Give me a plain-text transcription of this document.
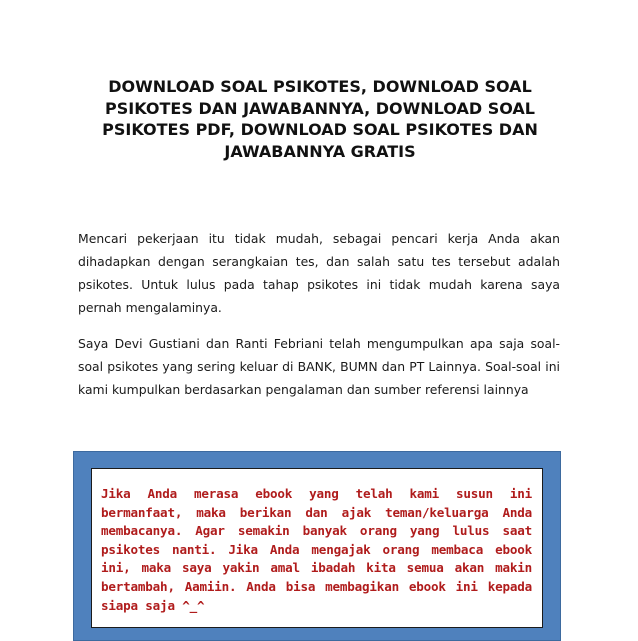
DOWNLOAD SOAL PSIKOTES, DOWNLOAD SOAL PSIKOTES DAN JAWABANNYA, DOWNLOAD SOAL PSIKOTES PDF, DOWNLOAD SOAL PSIKOTES DAN JAWABANNYA GRATIS

Mencari pekerjaan itu tidak mudah, sebagai pencari kerja Anda akan dihadapkan dengan serangkaian tes, dan salah satu tes tersebut adalah psikotes. Untuk lulus pada tahap psikotes ini tidak mudah karena saya pernah mengalaminya.

Saya Devi Gustiani dan Ranti Febriani telah mengumpulkan apa saja soal-soal psikotes yang sering keluar di BANK, BUMN dan PT Lainnya. Soal-soal ini kami kumpulkan berdasarkan pengalaman dan sumber referensi lainnya

Jika Anda merasa ebook yang telah kami susun ini bermanfaat, maka berikan dan ajak teman/keluarga Anda membacanya. Agar semakin banyak orang yang lulus saat psikotes nanti. Jika Anda mengajak orang membaca ebook ini, maka saya yakin amal ibadah kita semua akan makin bertambah, Aamiin. Anda bisa membagikan ebook ini kepada siapa saja ^_^
